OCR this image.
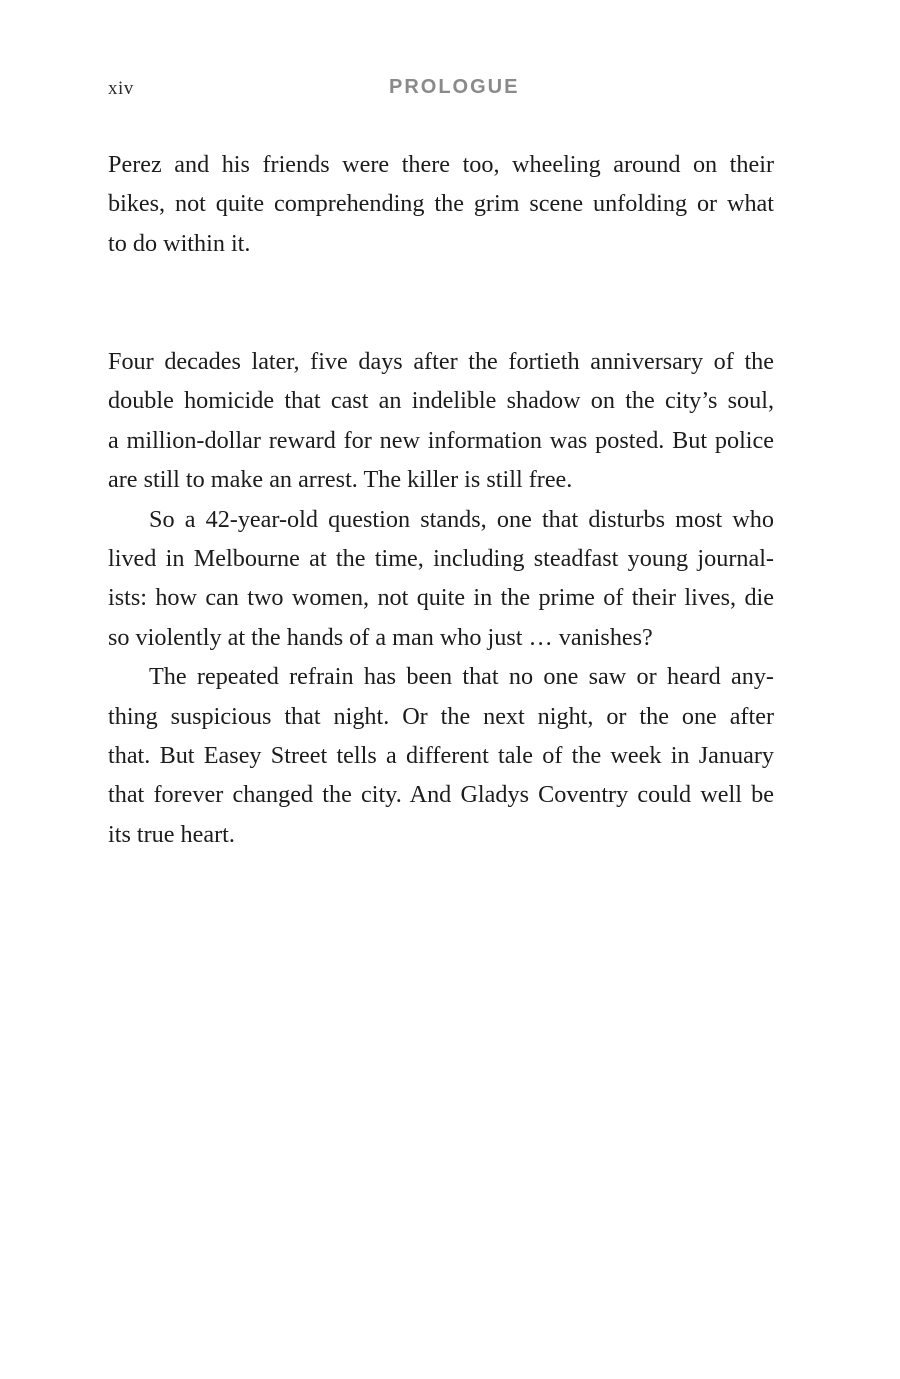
xiv	PROLOGUE

Perez and his friends were there too, wheeling around on their
bikes, not quite comprehending the grim scene unfolding or what
to do within it.

Four decades later, five days after the fortieth anniversary of the
double homicide that cast an indelible shadow on the city’s soul,
a million-dollar reward for new information was posted. But police
are still to make an arrest. The killer is still free.

So a 42-year-old question stands, one that disturbs most who
lived in Melbourne at the time, including steadfast young journal-
ists: how can two women, not quite in the prime of their lives, die
so violently at the hands of a man who just … vanishes?

The repeated refrain has been that no one saw or heard any-
thing suspicious that night. Or the next night, or the one after
that. But Easey Street tells a different tale of the week in January
that forever changed the city. And Gladys Coventry could well be
its true heart.
